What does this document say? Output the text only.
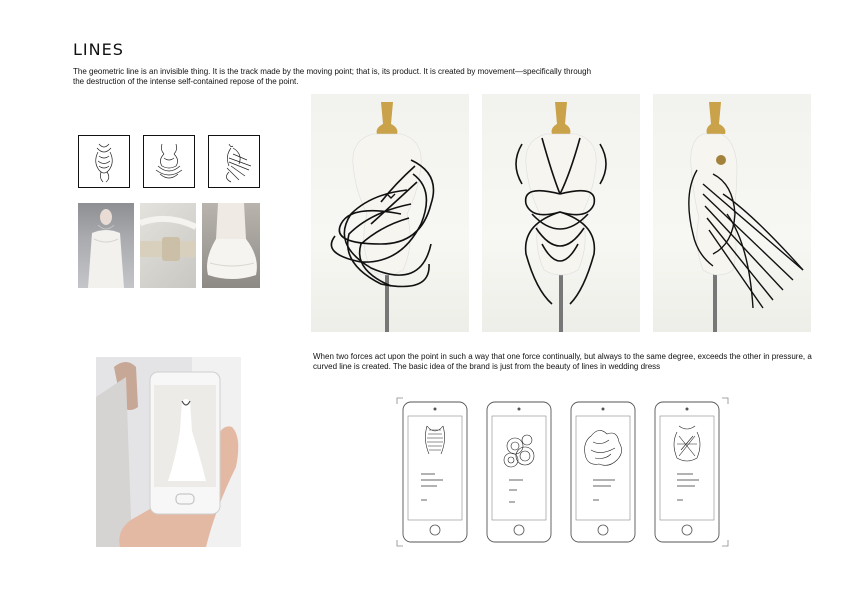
LINES

The geometric line is an invisible thing. It is the track made by the moving point; that is, its product. It is created by movement—specifically through the destruction of the intense self-contained repose of the point.

When two forces act upon the point in such a way that one force continually, but always to the same degree, exceeds the other in pressure, a curved line is created. The basic idea of the brand is just from the beauty of lines in wedding dress
